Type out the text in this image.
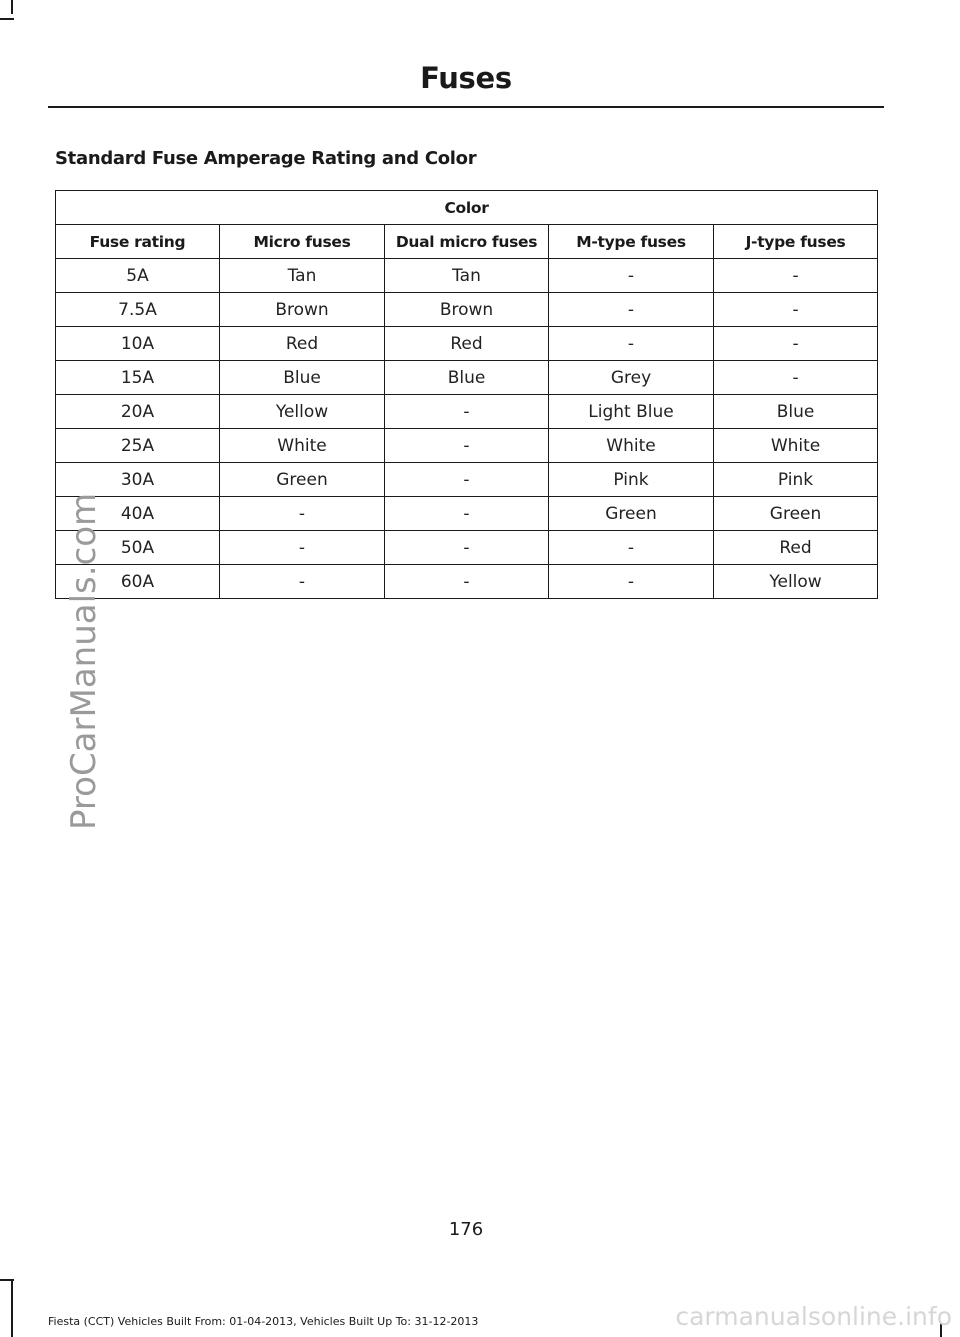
Fuses
Standard Fuse Amperage Rating and Color
Color				
Fuse rating	Micro fuses	Dual micro fuses	M-type fuses	J-type fuses
5A	Tan	Tan	-	-
7.5A	Brown	Brown	-	-
10A	Red	Red	-	-
15A	Blue	Blue	Grey	-
20A	Yellow	-	Light Blue	Blue
25A	White	-	White	White
30A	Green	-	Pink	Pink
40A	-	-	Green	Green
50A	-	-	-	Red
60A	-	-	-	Yellow
ProCarManuals.com
176
Fiesta (CCT) Vehicles Built From: 01-04-2013, Vehicles Built Up To: 31-12-2013	carmanualsonline.info
